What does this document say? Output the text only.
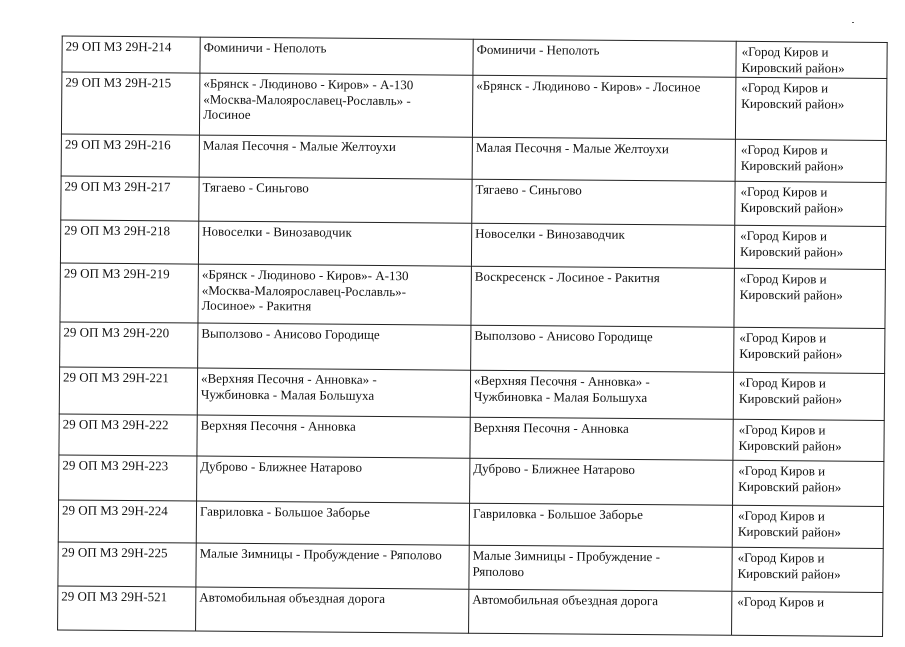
29 ОП МЗ 29Н-214	Фоминичи - Неполоть	Фоминичи - Неполоть	«Город Киров и
Кировский район»
29 ОП МЗ 29Н-215	«Брянск - Людиново - Киров» - А-130
«Москва-Малоярославец-Рославль» -
Лосиное
«Брянск - Людиново - Киров» - Лосиное	«Город Киров и
Кировский район»
29 ОП МЗ 29Н-216	Малая Песочня - Малые Желтоухи	Малая Песочня - Малые Желтоухи	«Город Киров и
Кировский район»
29 ОП МЗ 29Н-217	Тягаево - Синьгово	Тягаево - Синьгово	«Город Киров и
Кировский район»
29 ОП МЗ 29Н-218	Новоселки - Винозаводчик	Новоселки - Винозаводчик	«Город Киров и
Кировский район»
29 ОП МЗ 29Н-219	«Брянск - Людиново - Киров»- А-130
«Москва-Малоярославец-Рославль»-
Лосиное» - Ракитня
Воскресенск - Лосиное - Ракитня	«Город Киров и
Кировский район»
29 ОП МЗ 29Н-220	Выползово - Анисово Городище	Выползово - Анисово Городище	«Город Киров и
Кировский район»
29 ОП МЗ 29Н-221	«Верхняя Песочня - Анновка» -
Чужбиновка - Малая Большуха
«Верхняя Песочня - Анновка» -
Чужбиновка - Малая Большуха
«Город Киров и
Кировский район»
29 ОП МЗ 29Н-222	Верхняя Песочня - Анновка	Верхняя Песочня - Анновка	«Город Киров и
Кировский район»
29 ОП МЗ 29Н-223	Дуброво - Ближнее Натарово	Дуброво - Ближнее Натарово	«Город Киров и
Кировский район»
29 ОП МЗ 29Н-224	Гавриловка - Большое Заборье	Гавриловка - Большое Заборье	«Город Киров и
Кировский район»
29 ОП МЗ 29Н-225	Малые Зимницы - Пробуждение - Ряполово	Малые Зимницы - Пробуждение -
Ряполово
«Город Киров и
Кировский район»
29 ОП МЗ 29Н-521	Автомобильная объездная дорога	Автомобильная объездная дорога	«Город Киров и
